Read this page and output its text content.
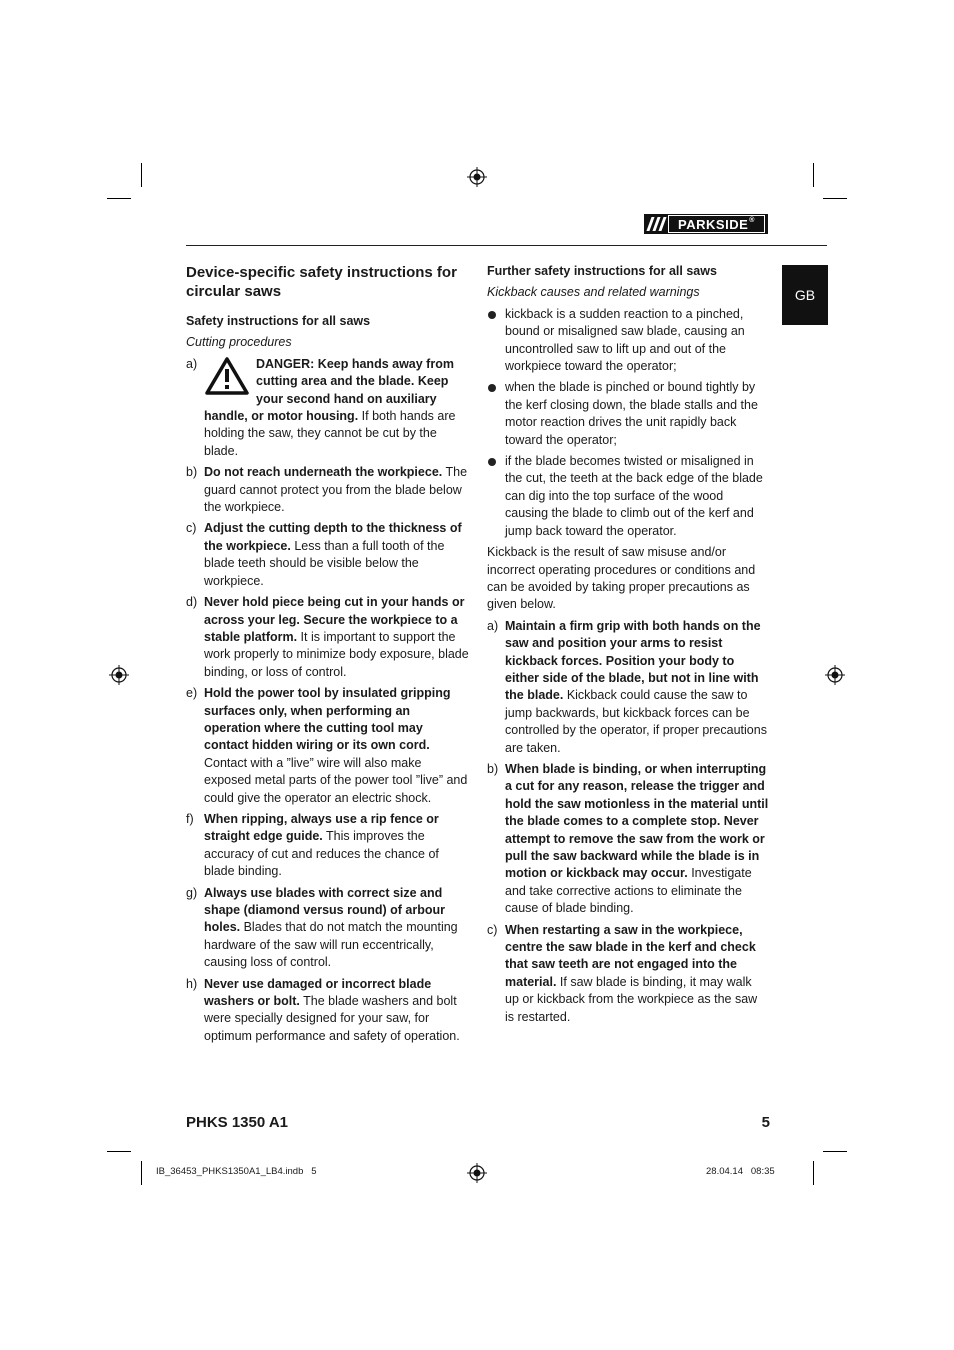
PARKSIDE ®
GB
Device-specific safety instructions for circular saws
Safety instructions for all saws
Cutting procedures
a)	DANGER: Keep hands away from cutting area and the blade. Keep your second hand on auxiliary handle, or motor housing. If both hands are holding the saw, they cannot be cut by the blade.
b) Do not reach underneath the workpiece. The guard cannot protect you from the blade below the workpiece.
c) Adjust the cutting depth to the thickness of the workpiece. Less than a full tooth of the blade teeth should be visible below the workpiece.
d) Never hold piece being cut in your hands or across your leg. Secure the workpiece to a stable platform. It is important to support the work properly to minimize body exposure, blade binding, or loss of control.
e) Hold the power tool by insulated gripping surfaces only, when performing an operation where the cutting tool may contact hidden wiring or its own cord. Contact with a ”live” wire will also make exposed metal parts of the power tool ”live” and could give the operator an electric shock.
f) When ripping, always use a rip fence or straight edge guide. This improves the accuracy of cut and reduces the chance of blade binding.
g) Always use blades with correct size and shape (diamond versus round) of arbour holes. Blades that do not match the mounting hardware of the saw will run eccentrically, causing loss of control.
h) Never use damaged or incorrect blade washers or bolt. The blade washers and bolt were specially designed for your saw, for optimum performance and safety of operation.
Further safety instructions for all saws
Kickback causes and related warnings
kickback is a sudden reaction to a pinched, bound or misaligned saw blade, causing an uncontrolled saw to lift up and out of the workpiece toward the operator;
when the blade is pinched or bound tightly by the kerf closing down, the blade stalls and the motor reaction drives the unit rapidly back toward the operator;
if the blade becomes twisted or misaligned in the cut, the teeth at the back edge of the blade can dig into the top surface of the wood causing the blade to climb out of the kerf and jump back toward the operator.
Kickback is the result of saw misuse and/or incorrect operating procedures or conditions and can be avoided by taking proper precautions as given below.
a) Maintain a firm grip with both hands on the saw and position your arms to resist kickback forces. Position your body to either side of the blade, but not in line with the blade. Kickback could cause the saw to jump backwards, but kickback forces can be controlled by the operator, if proper precautions are taken.
b) When blade is binding, or when interrupting a cut for any reason, release the trigger and hold the saw motionless in the material until the blade comes to a complete stop. Never attempt to remove the saw from the work or pull the saw backward while the blade is in motion or kickback may occur. Investigate and take corrective actions to eliminate the cause of blade binding.
c) When restarting a saw in the workpiece, centre the saw blade in the kerf and check that saw teeth are not engaged into the material. If saw blade is binding, it may walk up or kickback from the workpiece as the saw is restarted.
PHKS 1350 A1	5
IB_36453_PHKS1350A1_LB4.indb   5	28.04.14   08:35
